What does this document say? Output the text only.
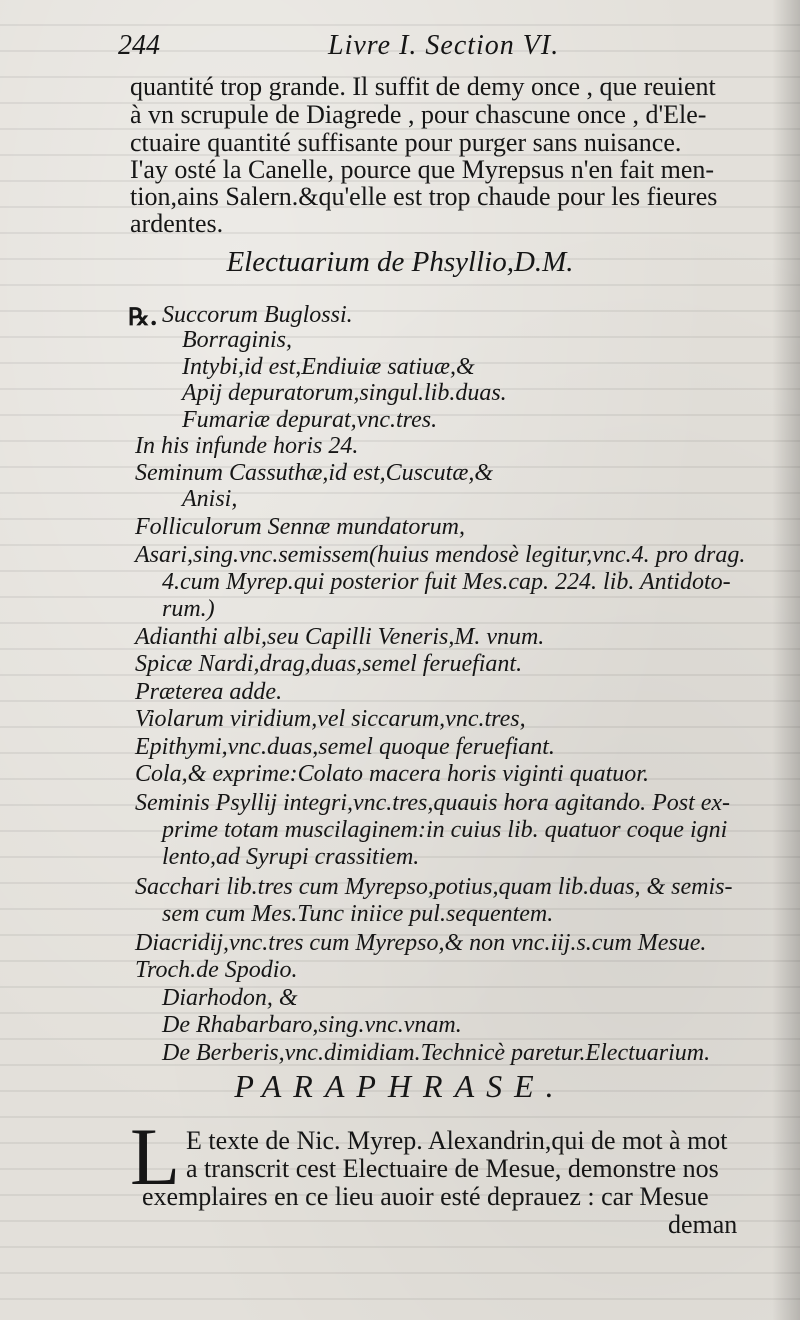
244	Livre I. Section VI.
quantité trop grande. Il suffit de demy once , que reuient
à vn scrupule de Diagrede , pour chascune once , d'Ele-
ctuaire quantité suffisante pour purger sans nuisance.
I'ay osté la Canelle, pource que Myrepsus n'en fait men-
tion,ains Salern.&qu'elle est trop chaude pour les fieures
ardentes.
Electuarium de Phsyllio,D.M.
℞. Succorum Buglossi.
Borraginis,
Intybi,id est,Endiuiæ satiuæ,&
Apij depuratorum,singul.lib.duas.
Fumariæ depurat,vnc.tres.
In his infunde horis 24.
Seminum Cassuthæ,id est,Cuscutæ,&
Anisi,
Folliculorum Sennæ mundatorum,
Asari,sing.vnc.semissem(huius mendosè legitur,vnc.4. pro drag.
4.cum Myrep.qui posterior fuit Mes.cap. 224. lib. Antidoto-
rum.)
Adianthi albi,seu Capilli Veneris,M. vnum.
Spicæ Nardi,drag,duas,semel feruefiant.
Præterea adde.
Violarum viridium,vel siccarum,vnc.tres,
Epithymi,vnc.duas,semel quoque feruefiant.
Cola,& exprime:Colato macera horis viginti quatuor.
Seminis Psyllij integri,vnc.tres,quauis hora agitando. Post ex-
prime totam muscilaginem:in cuius lib. quatuor coque igni
lento,ad Syrupi crassitiem.
Sacchari lib.tres cum Myrepso,potius,quam lib.duas, & semis-
sem cum Mes.Tunc iniice pul.sequentem.
Diacridij,vnc.tres cum Myrepso,& non vnc.iij.s.cum Mesue.
Troch.de Spodio.
Diarhodon, &
De Rhabarbaro,sing.vnc.vnam.
De Berberis,vnc.dimidiam.Technicè paretur.Electuarium.
PARAPHRASE.
L E texte de Nic. Myrep. Alexandrin,qui de mot à mot
a transcrit cest Electuaire de Mesue, demonstre nos
exemplaires en ce lieu auoir esté deprauez : car Mesue
deman
